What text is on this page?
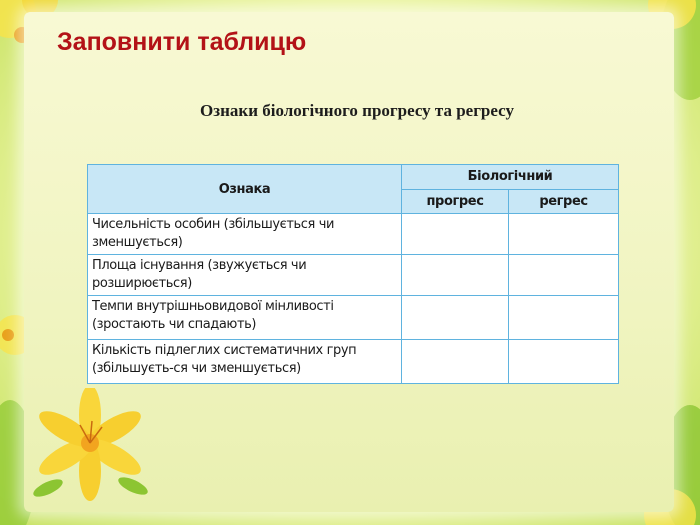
Заповнити таблицю
Ознаки біологічного прогресу та регресу
Ознака	Біологічний	
	прогрес	регрес
Чисельність особин (збільшується чи зменшується)		
Площа існування (звужується чи розширюється)		
Темпи внутрішньовидової мінливості (зростають чи спадають)		
Кількість підлеглих систематичних груп (збільшуєть-ся чи зменшується)		
